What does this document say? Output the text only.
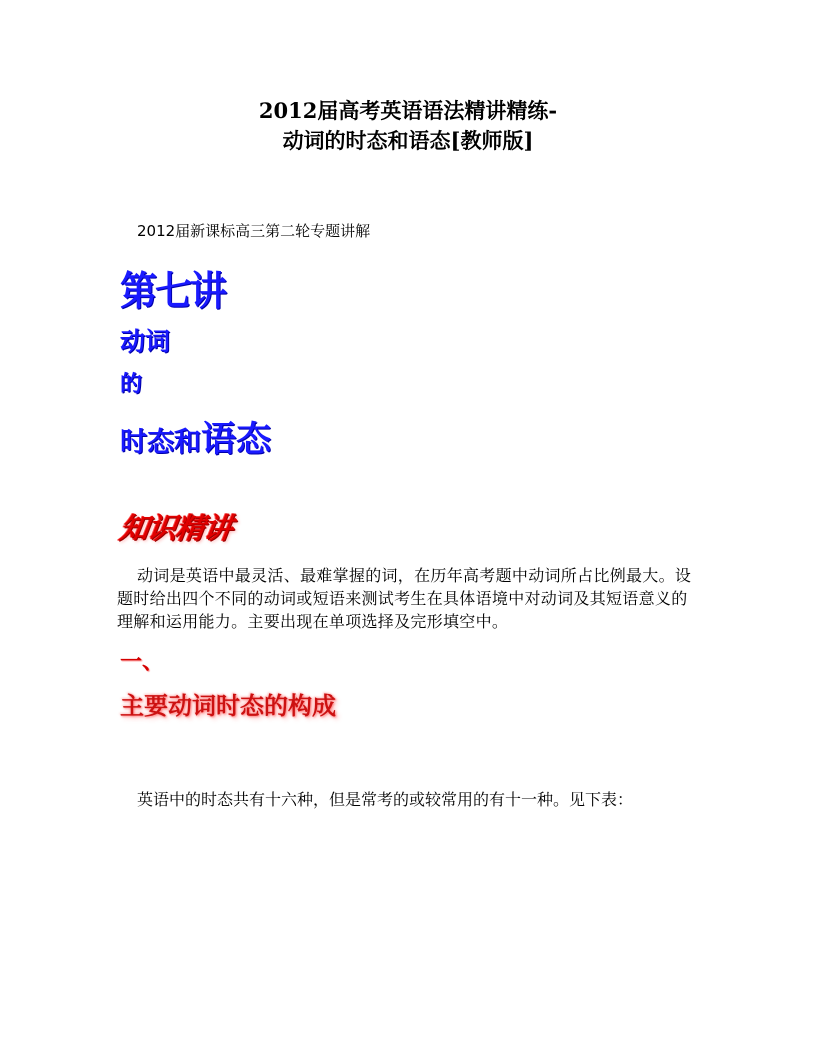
2012届高考英语语法精讲精练-
动词的时态和语态[教师版]
2012届新课标高三第二轮专题讲解
第七讲
动词
的
时态和语态
知识精讲
动词是英语中最灵活、最难掌握的词，在历年高考题中动词所占比例最大。设题时给出四个不同的动词或短语来测试考生在具体语境中对动词及其短语意义的理解和运用能力。主要出现在单项选择及完形填空中。
一、
主要动词时态的构成
英语中的时态共有十六种，但是常考的或较常用的有十一种。见下表：
